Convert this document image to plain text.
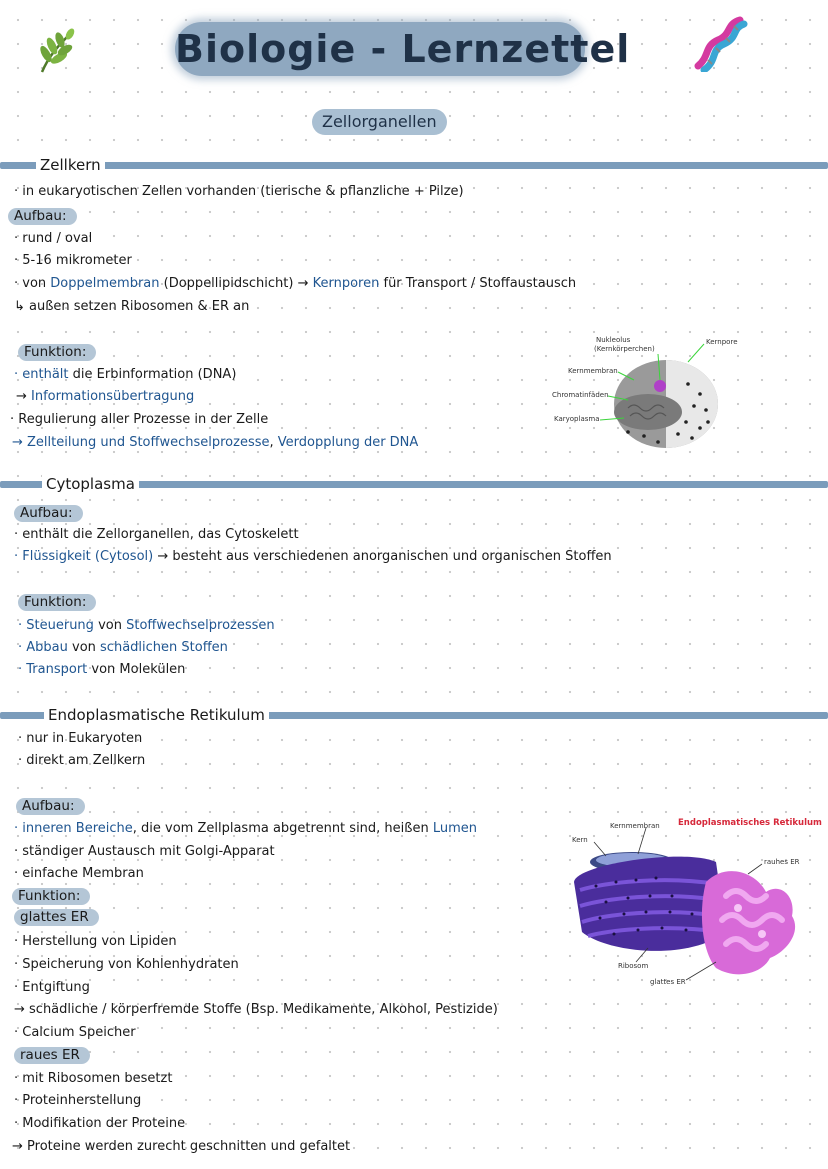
Biologie - Lernzettel
Zellorganellen
Zellkern
· in eukaryotischen Zellen vorhanden (tierische & pflanzliche + Pilze)
Aufbau:
· rund / oval
· 5-16 mikrometer
· von Doppelmembran (Doppellipidschicht) → Kernporen für Transport / Stoffaustausch
↳ außen setzen Ribosomen & ER an
Funktion:
· enthält die Erbinformation (DNA)
→ Informationsübertragung
· Regulierung aller Prozesse in der Zelle
→ Zellteilung und Stoffwechselprozesse, Verdopplung der DNA
Nukleolus
(Kernkörperchen)
Kernpore
Kernmembran
Chromatinfäden
Karyoplasma
Cytoplasma
Aufbau:
· enthält die Zellorganellen, das Cytoskelett
· Flüssigkeit (Cytosol) → besteht aus verschiedenen anorganischen und organischen Stoffen
Funktion:
· Steuerung von Stoffwechselprozessen
· Abbau von schädlichen Stoffen
· Transport von Molekülen
Endoplasmatische Retikulum
· nur in Eukaryoten
· direkt am Zellkern
Aufbau:
· inneren Bereiche, die vom Zellplasma abgetrennt sind, heißen Lumen
· ständiger Austausch mit Golgi-Apparat
· einfache Membran
Funktion:
glattes ER
· Herstellung von Lipiden
· Speicherung von Kohlenhydraten
· Entgiftung
→ schädliche / körperfremde Stoffe (Bsp. Medikamente, Alkohol, Pestizide)
· Calcium Speicher
raues ER
· mit Ribosomen besetzt
· Proteinherstellung
· Modifikation der Proteine
→ Proteine werden zurecht geschnitten und gefaltet
Endoplasmatisches Retikulum
Kernmembran
Kern
rauhes ER
Ribosom
glattes ER
